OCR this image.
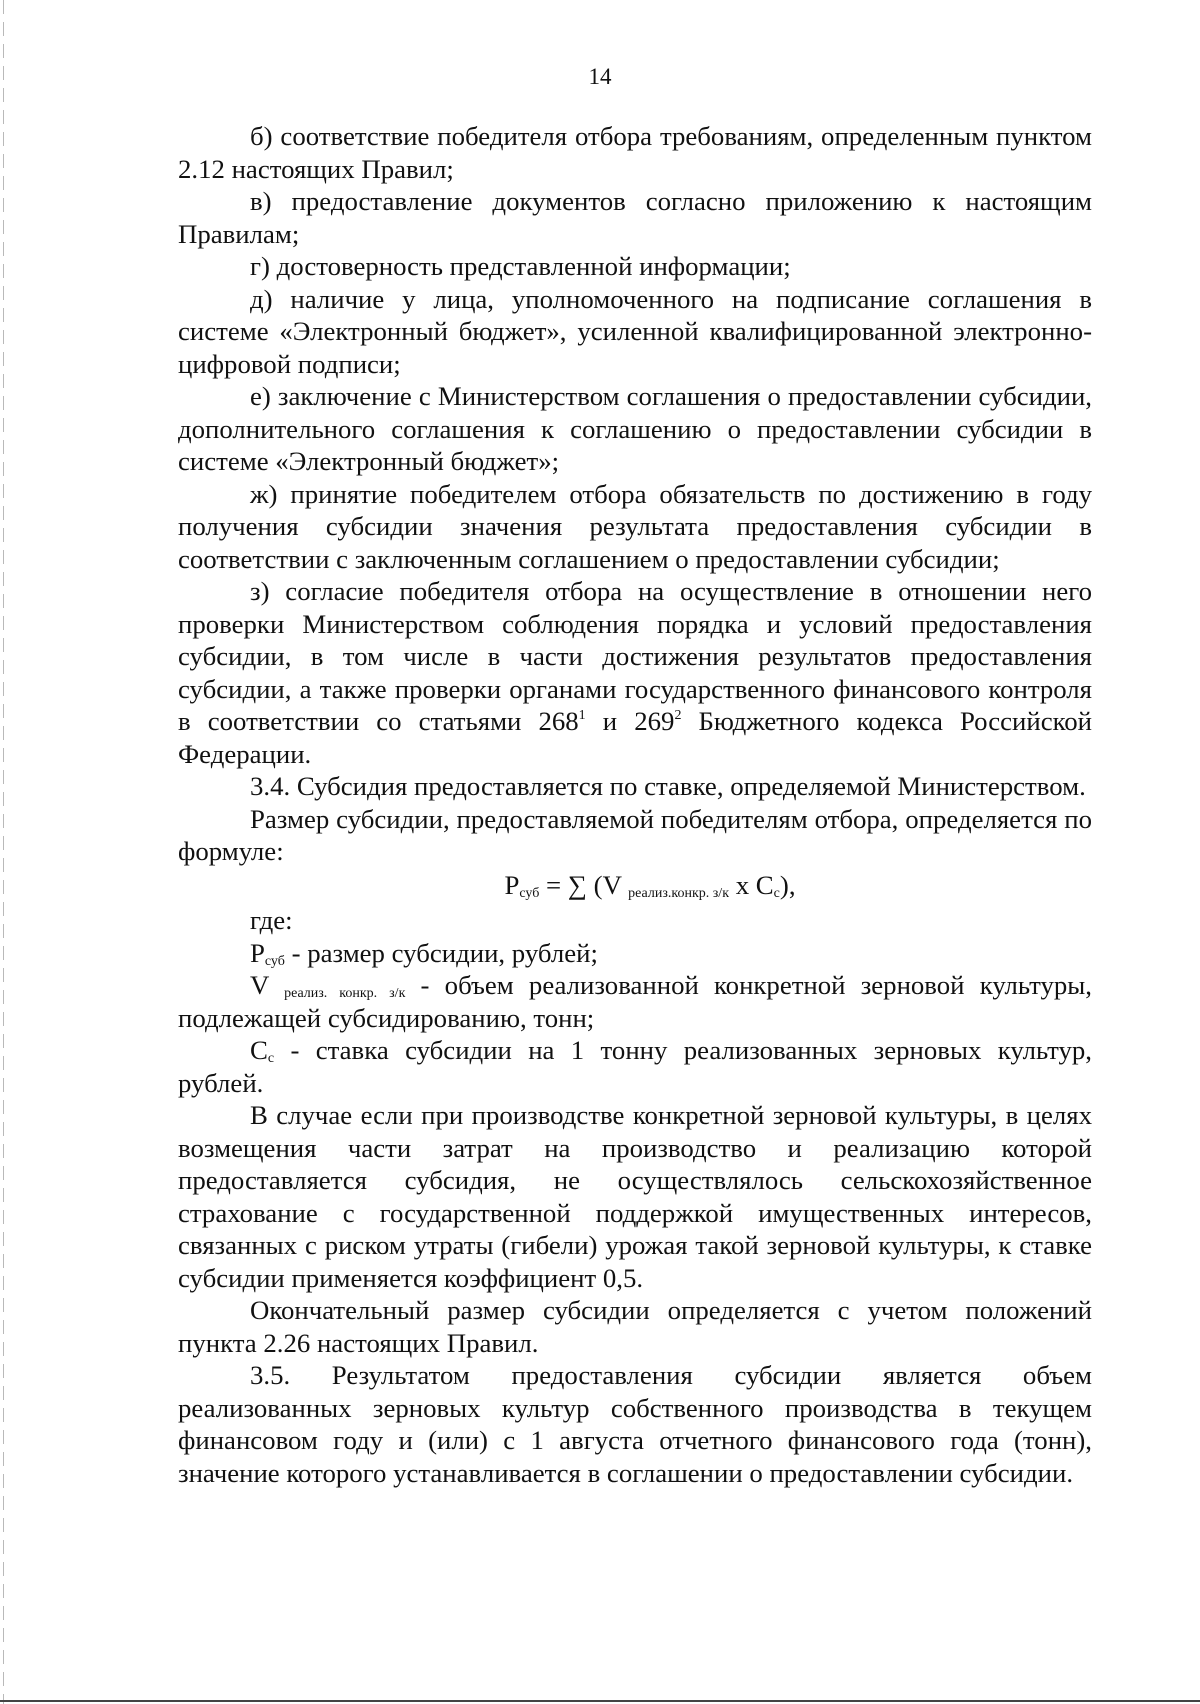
14

б) соответствие победителя отбора требованиям, определенным пунктом 2.12 настоящих Правил;

в) предоставление документов согласно приложению к настоящим Правилам;

г) достоверность представленной информации;

д) наличие у лица, уполномоченного на подписание соглашения в системе «Электронный бюджет», усиленной квалифицированной электронно-цифровой подписи;

е) заключение с Министерством соглашения о предоставлении субсидии, дополнительного соглашения к соглашению о предоставлении субсидии в системе «Электронный бюджет»;

ж) принятие победителем отбора обязательств по достижению в году получения субсидии значения результата предоставления субсидии в соответствии с заключенным соглашением о предоставлении субсидии;

з) согласие победителя отбора на осуществление в отношении него проверки Министерством соблюдения порядка и условий предоставления субсидии, в том числе в части достижения результатов предоставления субсидии, а также проверки органами государственного финансового контроля в соответствии со статьями $268^1$ и $269^2$ Бюджетного кодекса Российской Федерации.

3.4. Субсидия предоставляется по ставке, определяемой Министерством.

Размер субсидии, предоставляемой победителям отбора, определяется по формуле:

$Р_{суб}$ = ∑ (V $_{реализ.конкр. з/к}$ х $С_с$),

где:

$Р_{суб}$ - размер субсидии, рублей;

V $_{реализ. конкр. з/к}$ - объем реализованной конкретной зерновой культуры, подлежащей субсидированию, тонн;

$С_с$ - ставка субсидии на 1 тонну реализованных зерновых культур, рублей.

В случае если при производстве конкретной зерновой культуры, в целях возмещения части затрат на производство и реализацию которой предоставляется субсидия, не осуществлялось сельскохозяйственное страхование с государственной поддержкой имущественных интересов, связанных с риском утраты (гибели) урожая такой зерновой культуры, к ставке субсидии применяется коэффициент 0,5.

Окончательный размер субсидии определяется с учетом положений пункта 2.26 настоящих Правил.

3.5. Результатом предоставления субсидии является объем реализованных зерновых культур собственного производства в текущем финансовом году и (или) с 1 августа отчетного финансового года (тонн), значение которого устанавливается в соглашении о предоставлении субсидии.
